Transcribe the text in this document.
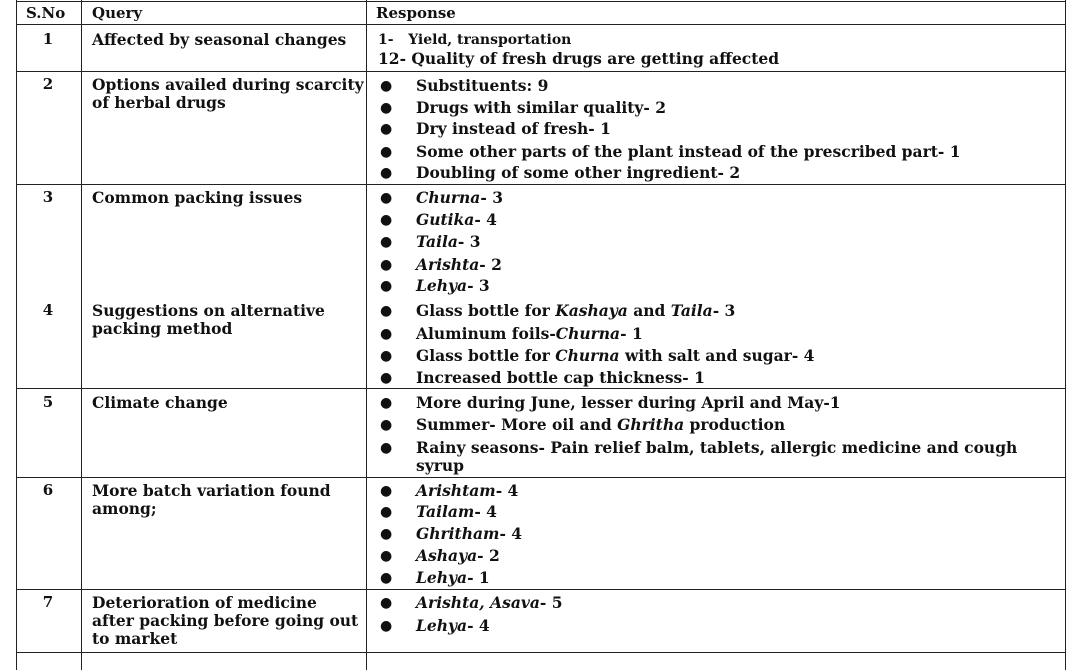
S.No Query	Response
1	Affected by seasonal changes	1- Yield, transportation
12- Quality of fresh drugs are getting affected
2	Options availed during scarcity of herbal drugs
● Substituents: 9
● Drugs with similar quality- 2
● Dry instead of fresh- 1
● Some other parts of the plant instead of the prescribed part- 1
● Doubling of some other ingredient- 2
3	Common packing issues	● Churna- 3
● Gutika- 4
● Taila- 3
● Arishta- 2
● Lehya- 3
4	Suggestions on alternative packing method
● Glass bottle for Kashaya and Taila- 3
● Aluminum foils-Churna- 1
● Glass bottle for Churna with salt and sugar- 4
● Increased bottle cap thickness- 1
5	Climate change	● More during June, lesser during April and May-1
● Summer- More oil and Ghritha production
● Rainy seasons- Pain relief balm, tablets, allergic medicine and cough syrup
6	More batch variation found among;
● Arishtam- 4
● Tailam- 4
● Ghritham- 4
● Ashaya- 2
● Lehya- 1
7	Deterioration of medicine after packing before going out to market
● Arishta, Asava- 5
● Lehya- 4
